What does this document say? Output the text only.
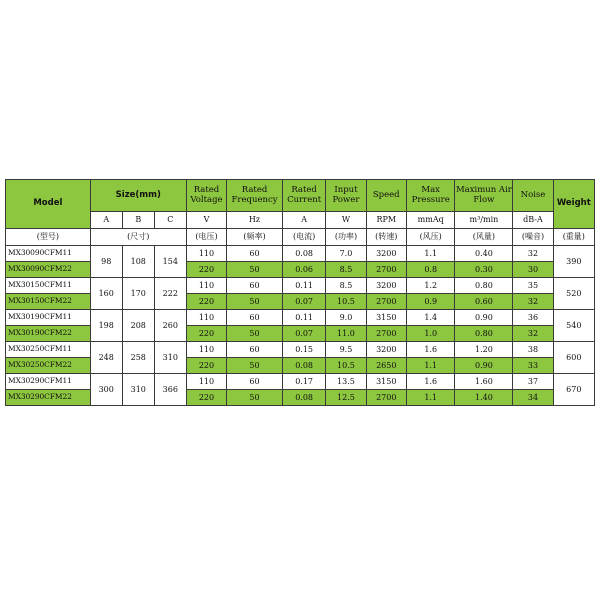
Model	Size(mm)			Rated Voltage	Rated Frequency	Rated Current	Input Power	Speed	Max Pressure	Maximun Air Flow	Noise	Weight
	A	B	C	V	Hz	A	W	RPM	mmAq	m³/min	dB-A	
(型号)	(尺寸)			(电压)	(频率)	(电流)	(功率)	(转速)	(风压)	(风量)	(噪音)	(重量)
MX30090CFM11	98	108	154	110	60	0.08	7.0	3200	1.1	0.40	32	390
MX30090CFM22				220	50	0.06	8.5	2700	0.8	0.30	30	
MX30150CFM11	160	170	222	110	60	0.11	8.5	3200	1.2	0.80	35	520
MX30150CFM22				220	50	0.07	10.5	2700	0.9	0.60	32	
MX30190CFM11	198	208	260	110	60	0.11	9.0	3150	1.4	0.90	36	540
MX30190CFM22				220	50	0.07	11.0	2700	1.0	0.80	32	
MX30250CFM11	248	258	310	110	60	0.15	9.5	3200	1.6	1.20	38	600
MX30250CFM22				220	50	0.08	10.5	2650	1.1	0.90	33	
MX30290CFM11	300	310	366	110	60	0.17	13.5	3150	1.6	1.60	37	670
MX30290CFM22				220	50	0.08	12.5	2700	1.1	1.40	34	
